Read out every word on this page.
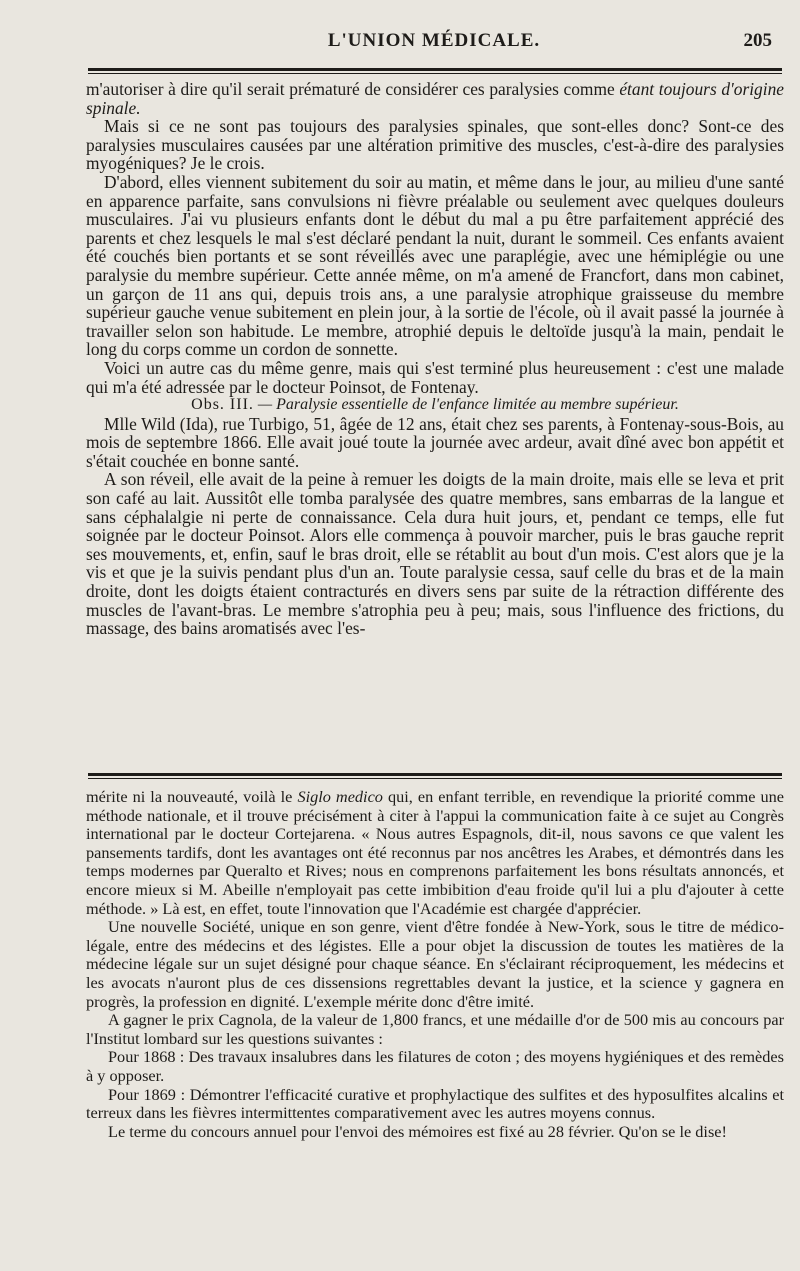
L'UNION MÉDICALE.	205

m'autoriser à dire qu'il serait prématuré de considérer ces paralysies comme étant toujours d'origine spinale.

Mais si ce ne sont pas toujours des paralysies spinales, que sont-elles donc? Sont-ce des paralysies musculaires causées par une altération primitive des muscles, c'est-à-dire des paralysies myogéniques? Je le crois.

D'abord, elles viennent subitement du soir au matin, et même dans le jour, au milieu d'une santé en apparence parfaite, sans convulsions ni fièvre préalable ou seulement avec quelques douleurs musculaires. J'ai vu plusieurs enfants dont le début du mal a pu être parfaitement apprécié des parents et chez lesquels le mal s'est déclaré pendant la nuit, durant le sommeil. Ces enfants avaient été couchés bien portants et se sont réveillés avec une paraplégie, avec une hémiplégie ou une paralysie du membre supérieur. Cette année même, on m'a amené de Francfort, dans mon cabinet, un garçon de 11 ans qui, depuis trois ans, a une paralysie atrophique graisseuse du membre supérieur gauche venue subitement en plein jour, à la sortie de l'école, où il avait passé la journée à travailler selon son habitude. Le membre, atrophié depuis le deltoïde jusqu'à la main, pendait le long du corps comme un cordon de sonnette.

Voici un autre cas du même genre, mais qui s'est terminé plus heureusement : c'est une malade qui m'a été adressée par le docteur Poinsot, de Fontenay.

Obs. III. — Paralysie essentielle de l'enfance limitée au membre supérieur.

Mlle Wild (Ida), rue Turbigo, 51, âgée de 12 ans, était chez ses parents, à Fontenay-sous-Bois, au mois de septembre 1866. Elle avait joué toute la journée avec ardeur, avait dîné avec bon appétit et s'était couchée en bonne santé.

A son réveil, elle avait de la peine à remuer les doigts de la main droite, mais elle se leva et prit son café au lait. Aussitôt elle tomba paralysée des quatre membres, sans embarras de la langue et sans céphalalgie ni perte de connaissance. Cela dura huit jours, et, pendant ce temps, elle fut soignée par le docteur Poinsot. Alors elle commença à pouvoir marcher, puis le bras gauche reprit ses mouvements, et, enfin, sauf le bras droit, elle se rétablit au bout d'un mois. C'est alors que je la vis et que je la suivis pendant plus d'un an. Toute paralysie cessa, sauf celle du bras et de la main droite, dont les doigts étaient contracturés en divers sens par suite de la rétraction différente des muscles de l'avant-bras. Le membre s'atrophia peu à peu; mais, sous l'influence des frictions, du massage, des bains aromatisés avec l'es-

mérite ni la nouveauté, voilà le Siglo medico qui, en enfant terrible, en revendique la priorité comme une méthode nationale, et il trouve précisément à citer à l'appui la communication faite à ce sujet au Congrès international par le docteur Cortejarena. « Nous autres Espagnols, dit-il, nous savons ce que valent les pansements tardifs, dont les avantages ont été reconnus par nos ancêtres les Arabes, et démontrés dans les temps modernes par Queralto et Rives; nous en comprenons parfaitement les bons résultats annoncés, et encore mieux si M. Abeille n'employait pas cette imbibition d'eau froide qu'il lui a plu d'ajouter à cette méthode. » Là est, en effet, toute l'innovation que l'Académie est chargée d'apprécier.

Une nouvelle Société, unique en son genre, vient d'être fondée à New-York, sous le titre de médico-légale, entre des médecins et des légistes. Elle a pour objet la discussion de toutes les matières de la médecine légale sur un sujet désigné pour chaque séance. En s'éclairant réciproquement, les médecins et les avocats n'auront plus de ces dissensions regrettables devant la justice, et la science y gagnera en progrès, la profession en dignité. L'exemple mérite donc d'être imité.

A gagner le prix Cagnola, de la valeur de 1,800 francs, et une médaille d'or de 500 mis au concours par l'Institut lombard sur les questions suivantes :

Pour 1868 : Des travaux insalubres dans les filatures de coton ; des moyens hygiéniques et des remèdes à y opposer.

Pour 1869 : Démontrer l'efficacité curative et prophylactique des sulfites et des hyposulfites alcalins et terreux dans les fièvres intermittentes comparativement avec les autres moyens connus.

Le terme du concours annuel pour l'envoi des mémoires est fixé au 28 février. Qu'on se le dise!
